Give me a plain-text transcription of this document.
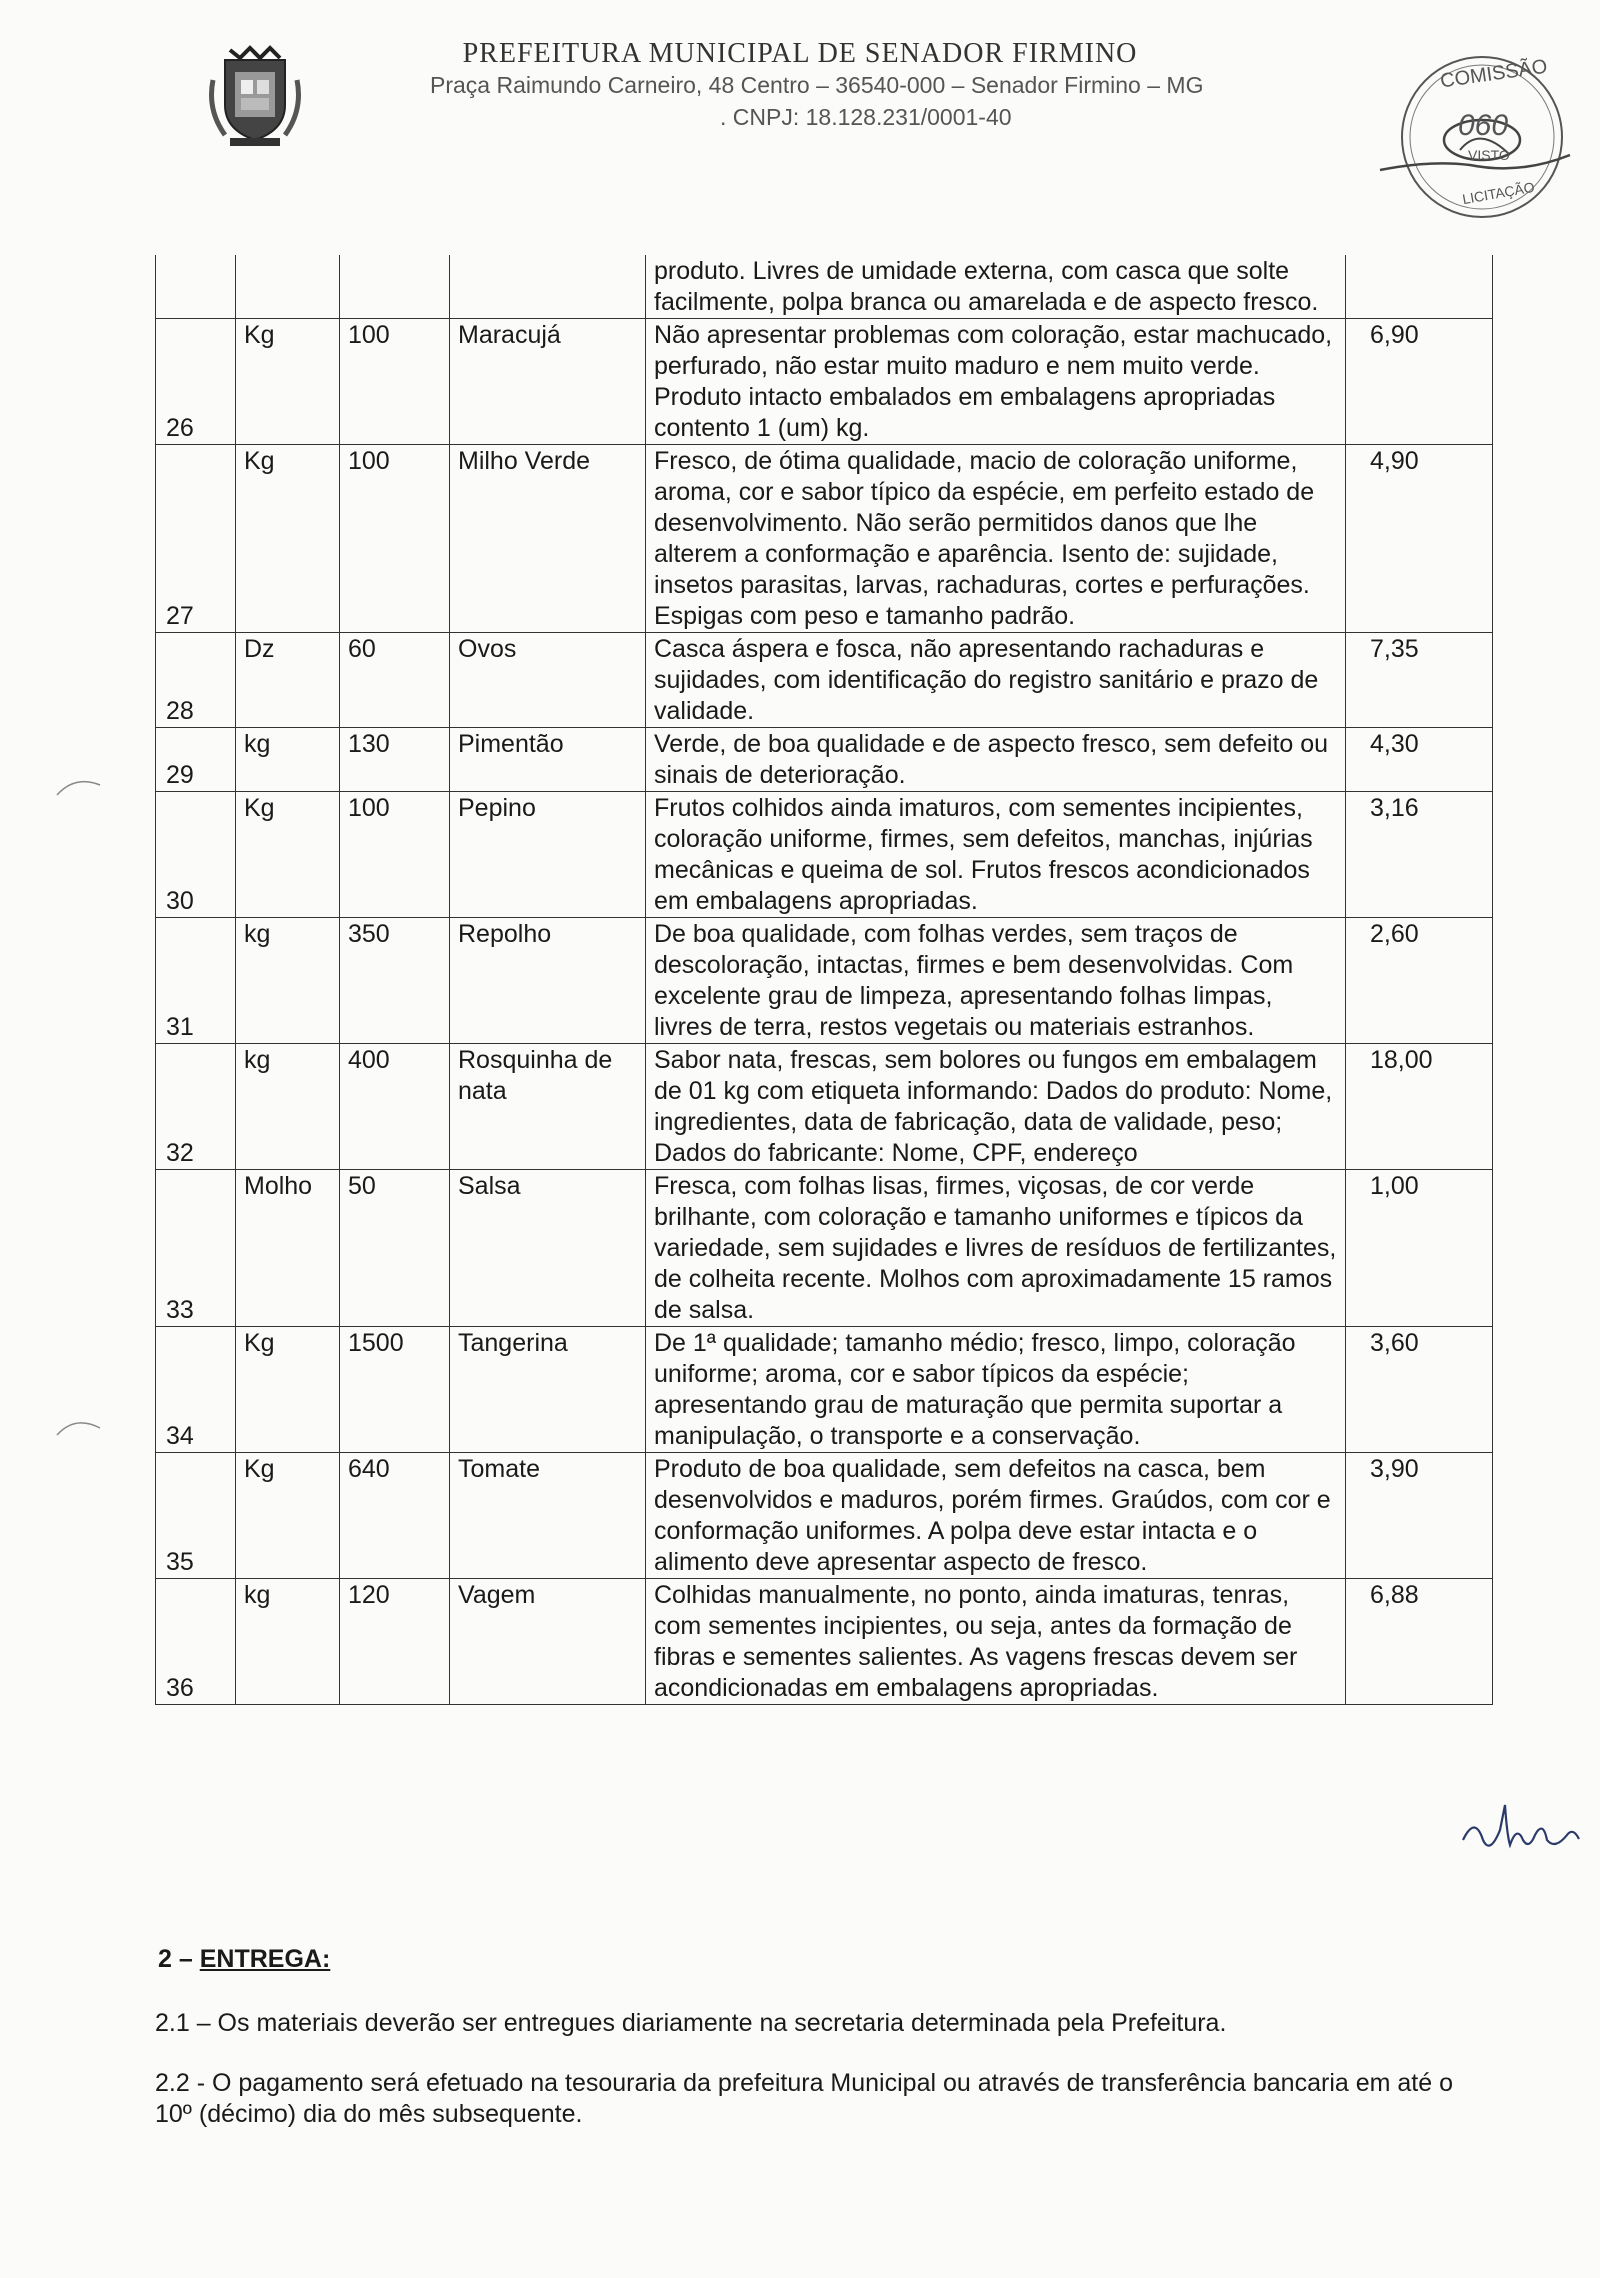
PREFEITURA MUNICIPAL DE SENADOR FIRMINO
Praça Raimundo Carneiro, 48 Centro – 36540-000 – Senador Firmino – MG
. CNPJ: 18.128.231/0001-40
COMISSÃO
060
VISTO
LICITAÇÃO
				produto. Livres de umidade externa, com casca que solte facilmente, polpa branca ou amarelada e de aspecto fresco.	
26	Kg	100	Maracujá	Não apresentar problemas com coloração, estar machucado, perfurado, não estar muito maduro e nem muito verde. Produto intacto embalados em embalagens apropriadas contento 1 (um) kg.	6,90
27	Kg	100	Milho Verde	Fresco, de ótima qualidade, macio de coloração uniforme, aroma, cor e sabor típico da espécie, em perfeito estado de desenvolvimento. Não serão permitidos danos que lhe alterem a conformação e aparência. Isento de: sujidade, insetos parasitas, larvas, rachaduras, cortes e perfurações. Espigas com peso e tamanho padrão.	4,90
28	Dz	60	Ovos	Casca áspera e fosca, não apresentando rachaduras e sujidades, com identificação do registro sanitário e prazo de validade.	7,35
29	kg	130	Pimentão	Verde, de boa qualidade e de aspecto fresco, sem defeito ou sinais de deterioração.	4,30
30	Kg	100	Pepino	Frutos colhidos ainda imaturos, com sementes incipientes, coloração uniforme, firmes, sem defeitos, manchas, injúrias mecânicas e queima de sol. Frutos frescos acondicionados em embalagens apropriadas.	3,16
31	kg	350	Repolho	De boa qualidade, com folhas verdes, sem traços de descoloração, intactas, firmes e bem desenvolvidas. Com excelente grau de limpeza, apresentando folhas limpas, livres de terra, restos vegetais ou materiais estranhos.	2,60
32	kg	400	Rosquinha de nata	Sabor nata, frescas, sem bolores ou fungos em embalagem de 01 kg com etiqueta informando: Dados do produto: Nome, ingredientes, data de fabricação, data de validade, peso; Dados do fabricante: Nome, CPF, endereço	18,00
33	Molho	50	Salsa	Fresca, com folhas lisas, firmes, viçosas, de cor verde brilhante, com coloração e tamanho uniformes e típicos da variedade, sem sujidades e livres de resíduos de fertilizantes, de colheita recente. Molhos com aproximadamente 15 ramos de salsa.	1,00
34	Kg	1500	Tangerina	De 1ª qualidade; tamanho médio; fresco, limpo, coloração uniforme; aroma, cor e sabor típicos da espécie; apresentando grau de maturação que permita suportar a manipulação, o transporte e a conservação.	3,60
35	Kg	640	Tomate	Produto de boa qualidade, sem defeitos na casca, bem desenvolvidos e maduros, porém firmes. Graúdos, com cor e conformação uniformes. A polpa deve estar intacta e o alimento deve apresentar aspecto de fresco.	3,90
36	kg	120	Vagem	Colhidas manualmente, no ponto, ainda imaturas, tenras, com sementes incipientes, ou seja, antes da formação de fibras e sementes salientes. As vagens frescas devem ser acondicionadas em embalagens apropriadas.	6,88
2 – ENTREGA:
2.1 – Os materiais deverão ser entregues diariamente na secretaria determinada pela Prefeitura.
2.2 - O pagamento será efetuado na tesouraria da prefeitura Municipal ou através de transferência bancaria em até o 10º (décimo) dia do mês subsequente.
